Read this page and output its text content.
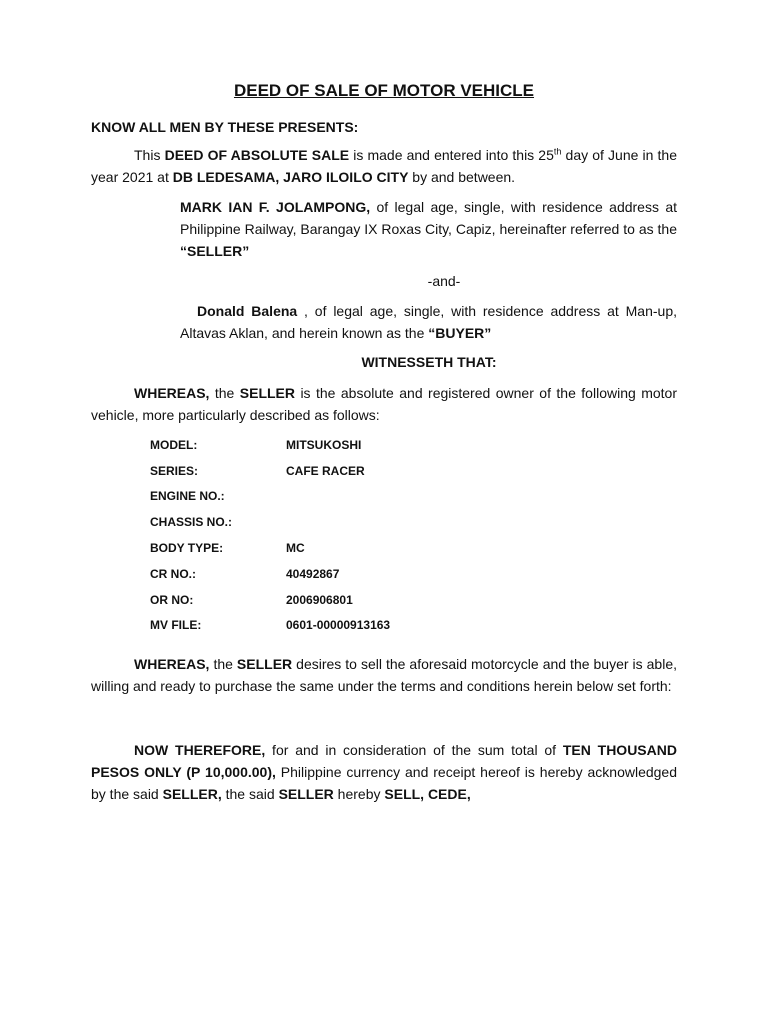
DEED OF SALE OF MOTOR VEHICLE
KNOW ALL MEN BY THESE PRESENTS:
This DEED OF ABSOLUTE SALE is made and entered into this 25th day of June in the year 2021 at DB LEDESAMA, JARO ILOILO CITY by and between.
MARK IAN F. JOLAMPONG, of legal age, single, with residence address at Philippine Railway, Barangay IX Roxas City, Capiz, hereinafter referred to as the “SELLER”
-and-
Donald Balena , of legal age, single, with residence address at Man-up, Altavas Aklan, and herein known as the “BUYER”
WITNESSETH THAT:
WHEREAS, the SELLER is the absolute and registered owner of the following motor vehicle, more particularly described as follows:
MODEL:	MITSUKOSHI
SERIES:	CAFE RACER
ENGINE NO.:
CHASSIS NO.:
BODY TYPE:	MC
CR NO.:	40492867
OR NO:	2006906801
MV FILE:	0601-00000913163
WHEREAS, the SELLER desires to sell the aforesaid motorcycle and the buyer is able, willing and ready to purchase the same under the terms and conditions herein below set forth:
NOW THEREFORE, for and in consideration of the sum total of TEN THOUSAND PESOS ONLY (P 10,000.00), Philippine currency and receipt hereof is hereby acknowledged by the said SELLER, the said SELLER hereby SELL, CEDE,
